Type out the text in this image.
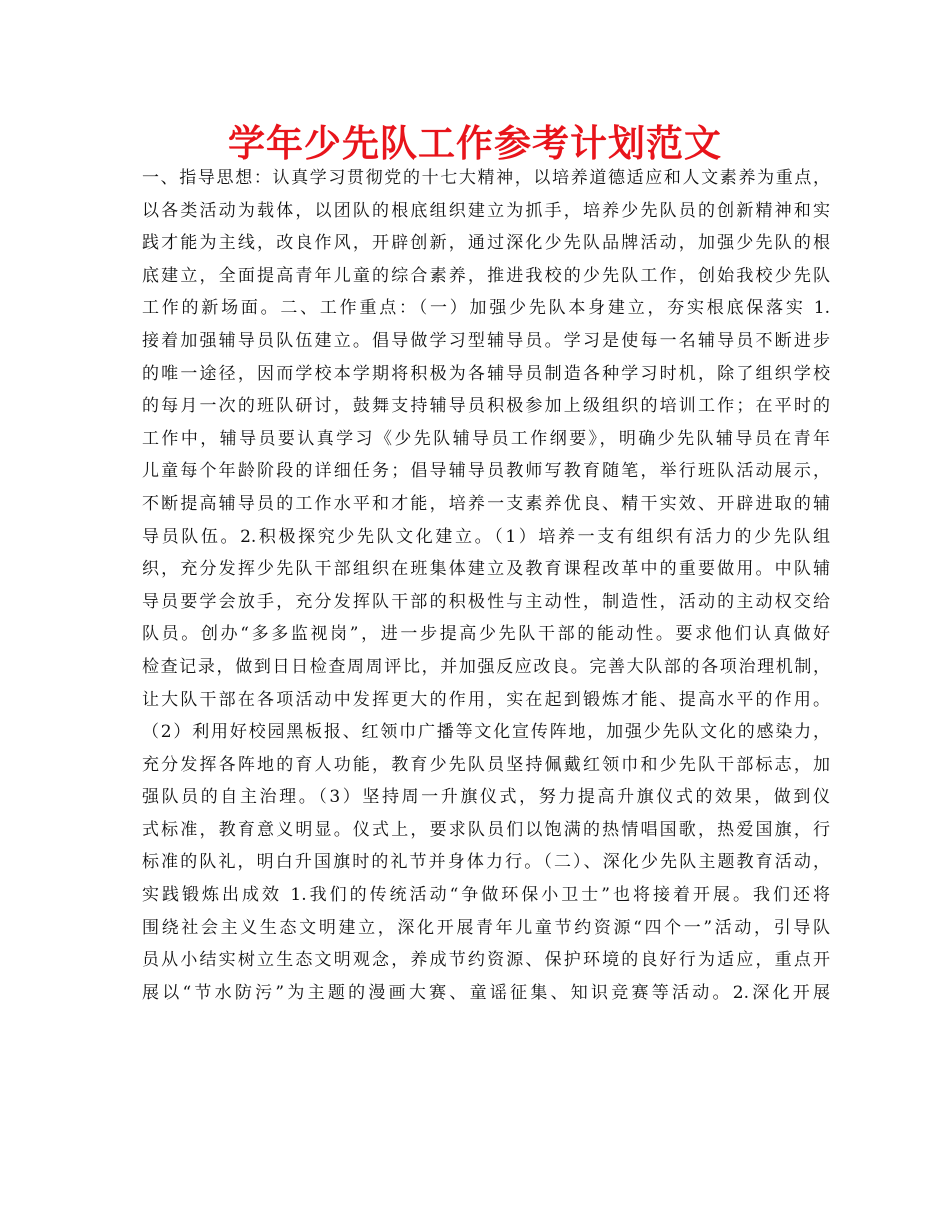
学年少先队工作参考计划范文
一、指导思想：认真学习贯彻党的十七大精神，以培养道德适应和人文素养为重点，
以各类活动为载体，以团队的根底组织建立为抓手，培养少先队员的创新精神和实
践才能为主线，改良作风，开辟创新，通过深化少先队品牌活动，加强少先队的根
底建立，全面提高青年儿童的综合素养，推进我校的少先队工作，创始我校少先队
工作的新场面。二、工作重点：（一）加强少先队本身建立，夯实根底保落实 1.
接着加强辅导员队伍建立。倡导做学习型辅导员。学习是使每一名辅导员不断进步
的唯一途径，因而学校本学期将积极为各辅导员制造各种学习时机，除了组织学校
的每月一次的班队研讨，鼓舞支持辅导员积极参加上级组织的培训工作；在平时的
工作中，辅导员要认真学习《少先队辅导员工作纲要》，明确少先队辅导员在青年
儿童每个年龄阶段的详细任务；倡导辅导员教师写教育随笔，举行班队活动展示，
不断提高辅导员的工作水平和才能，培养一支素养优良、精干实效、开辟进取的辅
导员队伍。2.积极探究少先队文化建立。（1）培养一支有组织有活力的少先队组
织，充分发挥少先队干部组织在班集体建立及教育课程改革中的重要做用。中队辅
导员要学会放手，充分发挥队干部的积极性与主动性，制造性，活动的主动权交给
队员。创办“多多监视岗”，进一步提高少先队干部的能动性。要求他们认真做好
检查记录，做到日日检查周周评比，并加强反应改良。完善大队部的各项治理机制，
让大队干部在各项活动中发挥更大的作用，实在起到锻炼才能、提高水平的作用。
（2）利用好校园黑板报、红领巾广播等文化宣传阵地，加强少先队文化的感染力，
充分发挥各阵地的育人功能，教育少先队员坚持佩戴红领巾和少先队干部标志，加
强队员的自主治理。（3）坚持周一升旗仪式，努力提高升旗仪式的效果，做到仪
式标准，教育意义明显。仪式上，要求队员们以饱满的热情唱国歌，热爱国旗，行
标准的队礼，明白升国旗时的礼节并身体力行。（二）、深化少先队主题教育活动，
实践锻炼出成效 1.我们的传统活动“争做环保小卫士”也将接着开展。我们还将
围绕社会主义生态文明建立，深化开展青年儿童节约资源“四个一”活动，引导队
员从小结实树立生态文明观念，养成节约资源、保护环境的良好行为适应，重点开
展以“节水防污”为主题的漫画大赛、童谣征集、知识竞赛等活动。2.深化开展
